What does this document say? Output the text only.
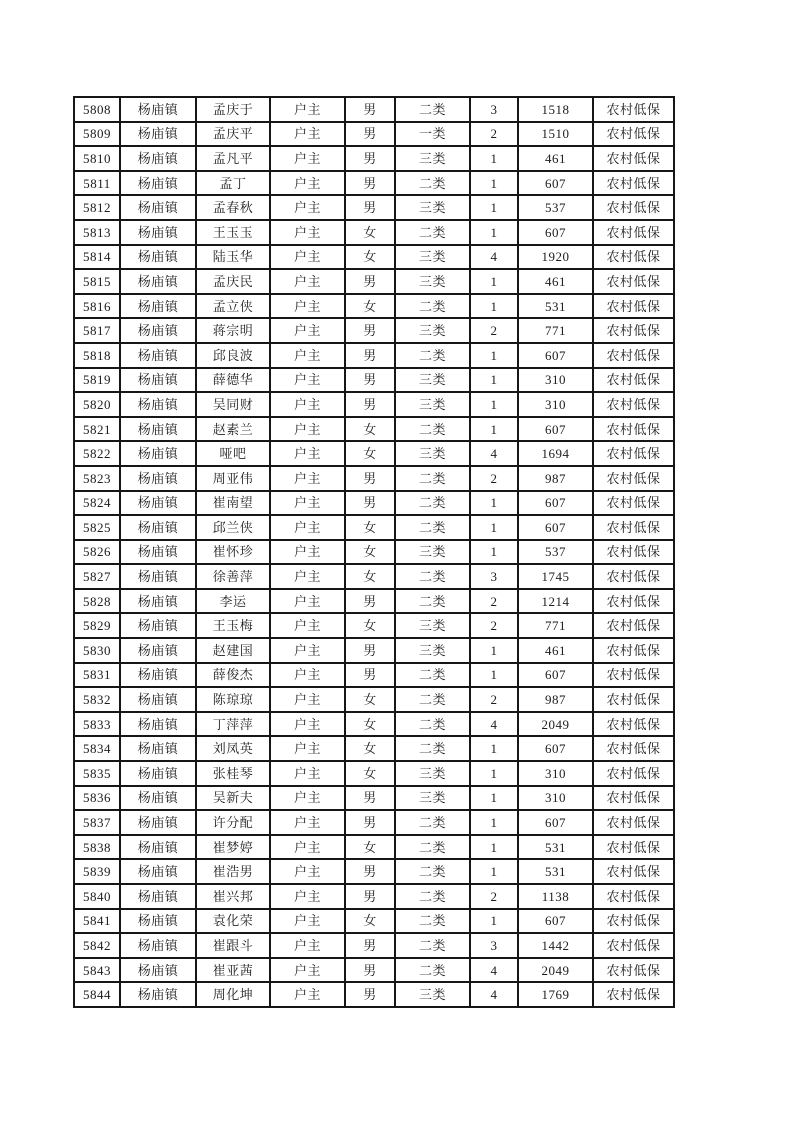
5808	杨庙镇	孟庆于	户主	男	二类	3	1518	农村低保
5809	杨庙镇	孟庆平	户主	男	一类	2	1510	农村低保
5810	杨庙镇	孟凡平	户主	男	三类	1	461	农村低保
5811	杨庙镇	孟丁	户主	男	二类	1	607	农村低保
5812	杨庙镇	孟春秋	户主	男	三类	1	537	农村低保
5813	杨庙镇	王玉玉	户主	女	二类	1	607	农村低保
5814	杨庙镇	陆玉华	户主	女	三类	4	1920	农村低保
5815	杨庙镇	孟庆民	户主	男	三类	1	461	农村低保
5816	杨庙镇	孟立侠	户主	女	二类	1	531	农村低保
5817	杨庙镇	蒋宗明	户主	男	三类	2	771	农村低保
5818	杨庙镇	邱良波	户主	男	二类	1	607	农村低保
5819	杨庙镇	薛德华	户主	男	三类	1	310	农村低保
5820	杨庙镇	吴同财	户主	男	三类	1	310	农村低保
5821	杨庙镇	赵素兰	户主	女	二类	1	607	农村低保
5822	杨庙镇	哑吧	户主	女	三类	4	1694	农村低保
5823	杨庙镇	周亚伟	户主	男	二类	2	987	农村低保
5824	杨庙镇	崔南望	户主	男	二类	1	607	农村低保
5825	杨庙镇	邱兰侠	户主	女	二类	1	607	农村低保
5826	杨庙镇	崔怀珍	户主	女	三类	1	537	农村低保
5827	杨庙镇	徐善萍	户主	女	二类	3	1745	农村低保
5828	杨庙镇	李运	户主	男	二类	2	1214	农村低保
5829	杨庙镇	王玉梅	户主	女	三类	2	771	农村低保
5830	杨庙镇	赵建国	户主	男	三类	1	461	农村低保
5831	杨庙镇	薛俊杰	户主	男	二类	1	607	农村低保
5832	杨庙镇	陈琼琼	户主	女	二类	2	987	农村低保
5833	杨庙镇	丁萍萍	户主	女	二类	4	2049	农村低保
5834	杨庙镇	刘凤英	户主	女	二类	1	607	农村低保
5835	杨庙镇	张桂琴	户主	女	三类	1	310	农村低保
5836	杨庙镇	吴新夫	户主	男	三类	1	310	农村低保
5837	杨庙镇	许分配	户主	男	二类	1	607	农村低保
5838	杨庙镇	崔梦婷	户主	女	二类	1	531	农村低保
5839	杨庙镇	崔浩男	户主	男	二类	1	531	农村低保
5840	杨庙镇	崔兴邦	户主	男	二类	2	1138	农村低保
5841	杨庙镇	袁化荣	户主	女	二类	1	607	农村低保
5842	杨庙镇	崔跟斗	户主	男	二类	3	1442	农村低保
5843	杨庙镇	崔亚茜	户主	男	二类	4	2049	农村低保
5844	杨庙镇	周化坤	户主	男	三类	4	1769	农村低保
